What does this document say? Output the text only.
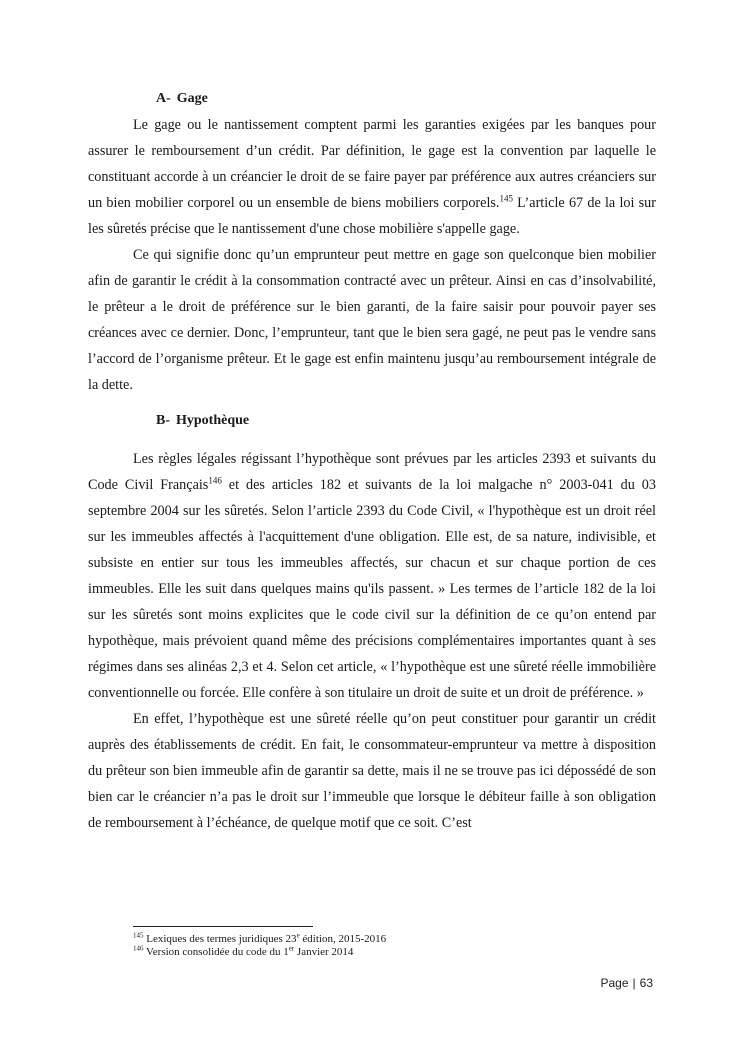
A- Gage

Le gage ou le nantissement comptent parmi les garanties exigées par les banques pour assurer le remboursement d’un crédit. Par définition, le gage est la convention par laquelle le constituant accorde à un créancier le droit de se faire payer par préférence aux autres créanciers sur un bien mobilier corporel ou un ensemble de biens mobiliers corporels.$^{145}$ L’article 67 de la loi sur les sûretés précise que le nantissement d'une chose mobilière s'appelle gage.

Ce qui signifie donc qu’un emprunteur peut mettre en gage son quelconque bien mobilier afin de garantir le crédit à la consommation contracté avec un prêteur. Ainsi en cas d’insolvabilité, le prêteur a le droit de préférence sur le bien garanti, de la faire saisir pour pouvoir payer ses créances avec ce dernier. Donc, l’emprunteur, tant que le bien sera gagé, ne peut pas le vendre sans l’accord de l’organisme prêteur. Et le gage est enfin maintenu jusqu’au remboursement intégrale de la dette.

B- Hypothèque

Les règles légales régissant l’hypothèque sont prévues par les articles 2393 et suivants du Code Civil Français$^{146}$ et des articles 182 et suivants de la loi malgache n° 2003-041 du 03 septembre 2004 sur les sûretés. Selon l’article 2393 du Code Civil, « l'hypothèque est un droit réel sur les immeubles affectés à l'acquittement d'une obligation. Elle est, de sa nature, indivisible, et subsiste en entier sur tous les immeubles affectés, sur chacun et sur chaque portion de ces immeubles. Elle les suit dans quelques mains qu'ils passent. » Les termes de l’article 182 de la loi sur les sûretés sont moins explicites que le code civil sur la définition de ce qu’on entend par hypothèque, mais prévoient quand même des précisions complémentaires importantes quant à ses régimes dans ses alinéas 2,3 et 4. Selon cet article, « l’hypothèque est une sûreté réelle immobilière conventionnelle ou forcée. Elle confère à son titulaire un droit de suite et un droit de préférence. »

En effet, l’hypothèque est une sûreté réelle qu’on peut constituer pour garantir un crédit auprès des établissements de crédit. En fait, le consommateur-emprunteur va mettre à disposition du prêteur son bien immeuble afin de garantir sa dette, mais il ne se trouve pas ici dépossédé de son bien car le créancier n’a pas le droit sur l’immeuble que lorsque le débiteur faille à son obligation de remboursement à l’échéance, de quelque motif que ce soit. C’est

$^{145}$ Lexiques des termes juridiques 23e édition, 2015-2016

$^{146}$ Version consolidée du code du 1er Janvier 2014

Page | 63
